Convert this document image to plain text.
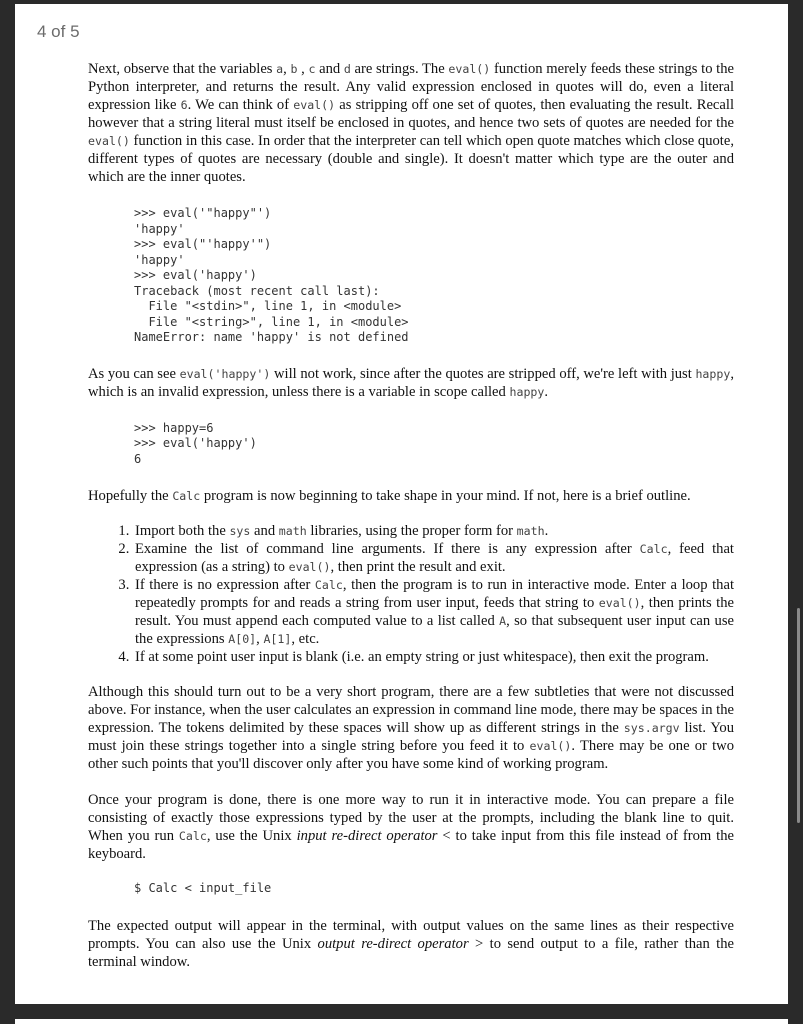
4 of 5

Next, observe that the variables a, b , c and d are strings. The eval() function merely feeds these strings to the Python interpreter, and returns the result. Any valid expression enclosed in quotes will do, even a literal expression like 6. We can think of eval() as stripping off one set of quotes, then evaluating the result. Recall however that a string literal must itself be enclosed in quotes, and hence two sets of quotes are needed for the eval() function in this case. In order that the interpreter can tell which open quote matches which close quote, different types of quotes are necessary (double and single). It doesn't matter which type are the outer and which are the inner quotes.

>>> eval('"happy"')
'happy'
>>> eval("'happy'")
'happy'
>>> eval('happy')
Traceback (most recent call last):
File "<stdin>", line 1, in <module>
File "<string>", line 1, in <module>
NameError: name 'happy' is not defined

As you can see eval('happy') will not work, since after the quotes are stripped off, we're left with just happy, which is an invalid expression, unless there is a variable in scope called happy.

>>> happy=6
>>> eval('happy')
6

Hopefully the Calc program is now beginning to take shape in your mind. If not, here is a brief outline.

1. Import both the sys and math libraries, using the proper form for math.
2. Examine the list of command line arguments. If there is any expression after Calc, feed that expression (as a string) to eval(), then print the result and exit.
3. If there is no expression after Calc, then the program is to run in interactive mode. Enter a loop that repeatedly prompts for and reads a string from user input, feeds that string to eval(), then prints the result. You must append each computed value to a list called A, so that subsequent user input can use the expressions A[0], A[1], etc.
4. If at some point user input is blank (i.e. an empty string or just whitespace), then exit the program.

Although this should turn out to be a very short program, there are a few subtleties that were not discussed above. For instance, when the user calculates an expression in command line mode, there may be spaces in the expression. The tokens delimited by these spaces will show up as different strings in the sys.argv list. You must join these strings together into a single string before you feed it to eval(). There may be one or two other such points that you'll discover only after you have some kind of working program.

Once your program is done, there is one more way to run it in interactive mode. You can prepare a file consisting of exactly those expressions typed by the user at the prompts, including the blank line to quit. When you run Calc, use the Unix input re-direct operator < to take input from this file instead of from the keyboard.

$ Calc < input_file

The expected output will appear in the terminal, with output values on the same lines as their respective prompts. You can also use the Unix output re-direct operator > to send output to a file, rather than the terminal window.
